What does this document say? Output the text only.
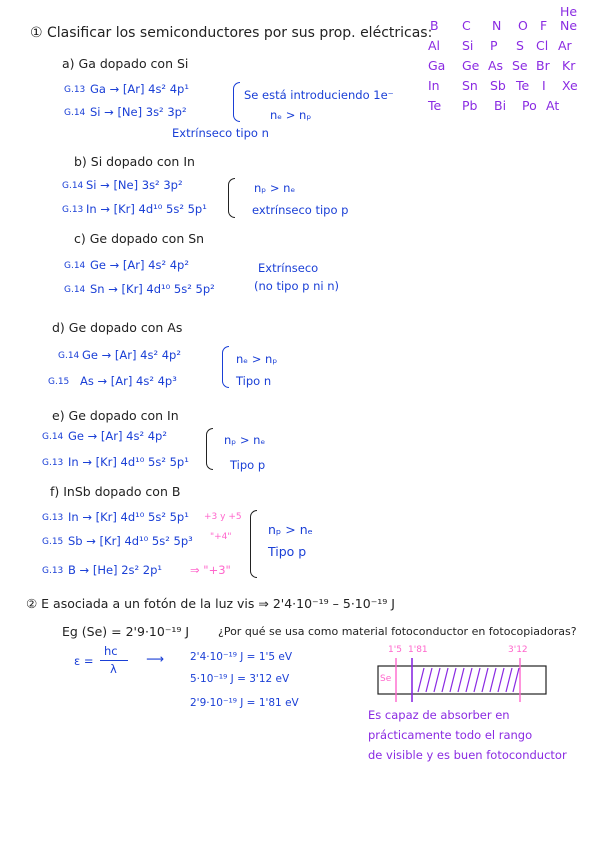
① Clasificar los semiconductores por sus prop. eléctricas:
He
B C N O F Ne
Al Si P S Cl Ar
Ga Ge As Se Br Kr
In Sn Sb Te I Xe
Te Pb Bi Po At
a) Ga dopado con Si
G.13 Ga → [Ar] 4s² 4p¹
G.14 Si → [Ne] 3s² 3p²
Se está introduciendo 1e⁻
nₑ > nₚ
Extrínseco tipo n
b) Si dopado con In
G.14 Si → [Ne] 3s² 3p²
G.13 In → [Kr] 4d¹⁰ 5s² 5p¹
nₚ > nₑ
extrínseco tipo p
c) Ge dopado con Sn
G.14 Ge → [Ar] 4s² 4p²
G.14 Sn → [Kr] 4d¹⁰ 5s² 5p²
Extrínseco
(no tipo p ni n)
d) Ge dopado con As
G.14 Ge → [Ar] 4s² 4p²
G.15 As → [Ar] 4s² 4p³
nₑ > nₚ
Tipo n
e) Ge dopado con In
G.14 Ge → [Ar] 4s² 4p²
G.13 In → [Kr] 4d¹⁰ 5s² 5p¹
nₚ > nₑ
Tipo p
f) InSb dopado con B
G.13 In → [Kr] 4d¹⁰ 5s² 5p¹ +3 y +5
G.15 Sb → [Kr] 4d¹⁰ 5s² 5p³ "+4"
G.13 B → [He] 2s² 2p¹ ⇒ "+3"
nₚ > nₑ
Tipo p
② E asociada a un fotón de la luz vis ⇒ 2'4·10⁻¹⁹ – 5·10⁻¹⁹ J
Eg (Se) = 2'9·10⁻¹⁹ J	¿Por qué se usa como material fotoconductor en fotocopiadoras?
ε =
hc
λ
⟶ 2'4·10⁻¹⁹ J = 1'5 eV
5·10⁻¹⁹ J = 3'12 eV
2'9·10⁻¹⁹ J = 1'81 eV
1'5 1'81	3'12
Se
Es capaz de absorber en
prácticamente todo el rango
de visible y es buen fotoconductor
